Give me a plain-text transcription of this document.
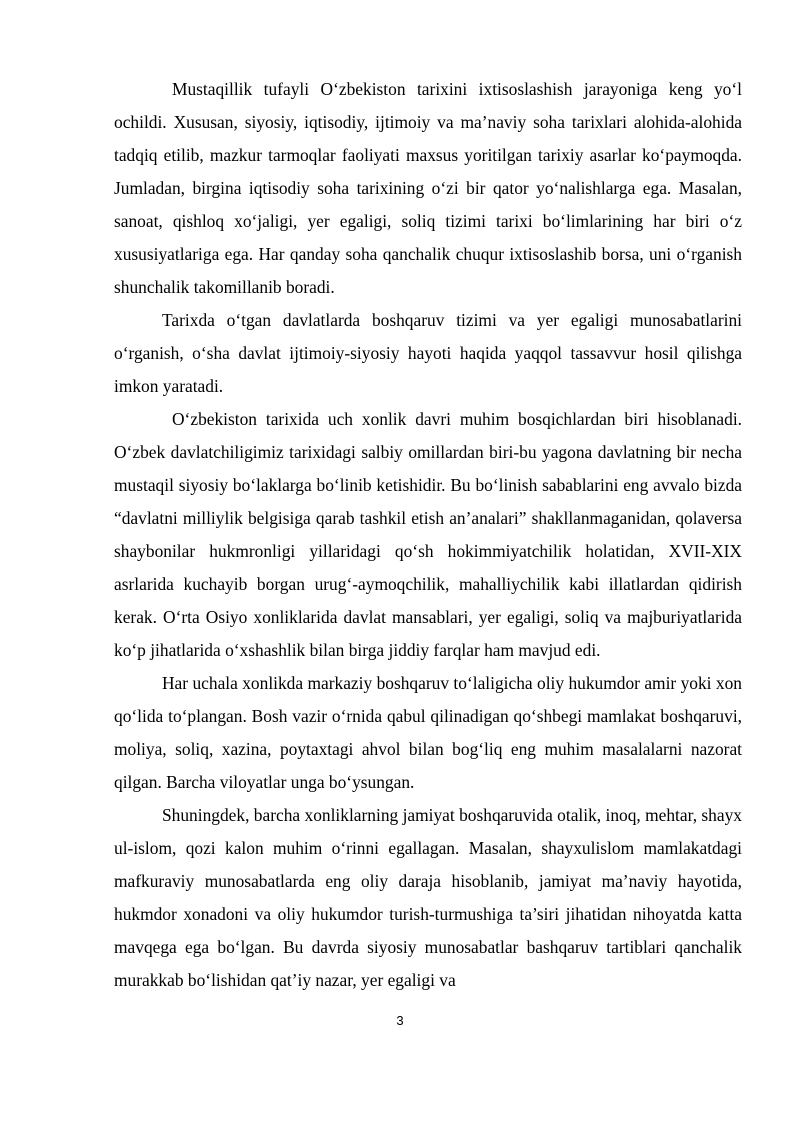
Mustaqillik tufayli O‘zbekiston tarixini ixtisoslashish jarayoniga keng yo‘l ochildi. Xususan, siyosiy, iqtisodiy, ijtimoiy va ma’naviy soha tarixlari alohida-alohida tadqiq etilib, mazkur tarmoqlar faoliyati maxsus yoritilgan tarixiy asarlar ko‘paymoqda. Jumladan, birgina iqtisodiy soha tarixining o‘zi bir qator yo‘nalishlarga ega. Masalan, sanoat, qishloq xo‘jaligi, yer egaligi, soliq tizimi tarixi bo‘limlarining har biri o‘z xususiyatlariga ega. Har qanday soha qanchalik chuqur ixtisoslashib borsa, uni o‘rganish shunchalik takomillanib boradi.

Tarixda o‘tgan davlatlarda boshqaruv tizimi va yer egaligi munosabatlarini o‘rganish, o‘sha davlat ijtimoiy-siyosiy hayoti haqida yaqqol tassavvur hosil qilishga imkon yaratadi.

O‘zbekiston tarixida uch xonlik davri muhim bosqichlardan biri hisoblanadi. O‘zbek davlatchiligimiz tarixidagi salbiy omillardan biri-bu yagona davlatning bir necha mustaqil siyosiy bo‘laklarga bo‘linib ketishidir. Bu bo‘linish sabablarini eng avvalo bizda “davlatni milliylik belgisiga qarab tashkil etish an’analari” shakllanmaganidan, qolaversa shaybonilar hukmronligi yillaridagi qo‘sh hokimmiyatchilik holatidan, XVII-XIX asrlarida kuchayib borgan urug‘-aymoqchilik, mahalliychilik kabi illatlardan qidirish kerak. O‘rta Osiyo xonliklarida davlat mansablari, yer egaligi, soliq va majburiyatlarida ko‘p jihatlarida o‘xshashlik bilan birga jiddiy farqlar ham mavjud edi.

Har uchala xonlikda markaziy boshqaruv to‘laligicha oliy hukumdor amir yoki xon qo‘lida to‘plangan. Bosh vazir o‘rnida qabul qilinadigan qo‘shbegi mamlakat boshqaruvi, moliya, soliq, xazina, poytaxtagi ahvol bilan bog‘liq eng muhim masalalarni nazorat qilgan. Barcha viloyatlar unga bo‘ysungan.

Shuningdek, barcha xonliklarning jamiyat boshqaruvida otalik, inoq, mehtar, shayx ul-islom, qozi kalon muhim o‘rinni egallagan. Masalan, shayxulislom mamlakatdagi mafkuraviy munosabatlarda eng oliy daraja hisoblanib, jamiyat ma’naviy hayotida, hukmdor xonadoni va oliy hukumdor turish-turmushiga ta’siri jihatidan nihoyatda katta mavqega ega bo‘lgan. Bu davrda siyosiy munosabatlar bashqaruv tartiblari qanchalik murakkab bo‘lishidan qat’iy nazar, yer egaligi va

3
